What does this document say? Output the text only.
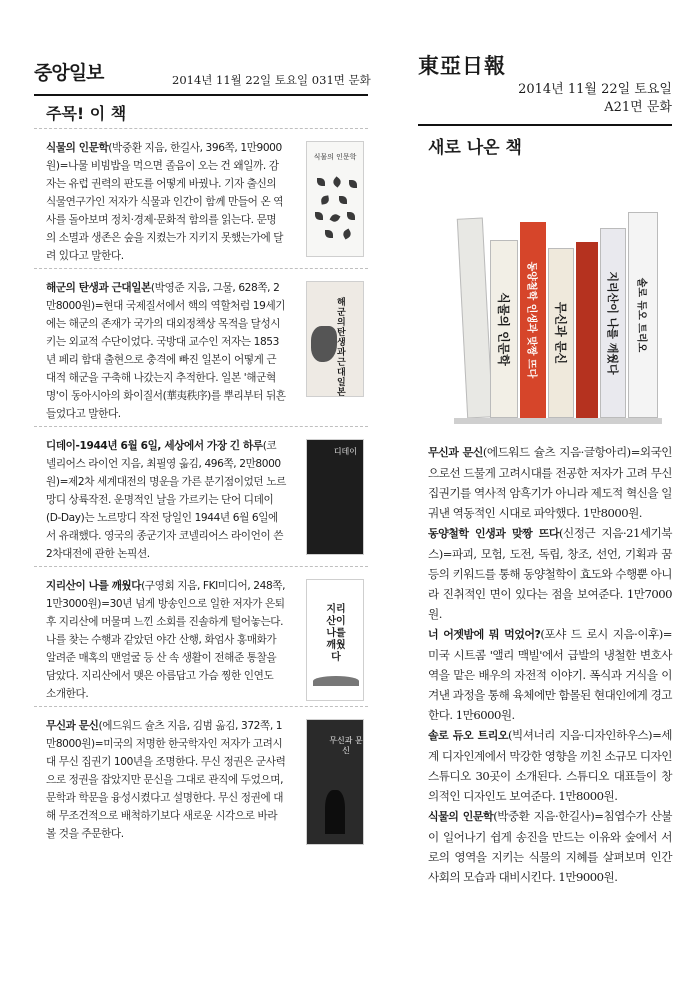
중앙일보	2014년 11월 22일 토요일 031면 문화
주목! 이 책
식물의 인문학(박중환 지음, 한길사, 396쪽, 1만9000원)=나물 비빔밥을 먹으면 졸음이 오는 건 왜일까. 감자는 유럽 권력의 판도를 어떻게 바꿨나. 기자 출신의 식물연구가인 저자가 식물과 인간이 함께 만들어 온 역사를 돌아보며 정치·경제·문화적 함의를 읽는다. 문명의 소멸과 생존은 숲을 지켰는가 지키지 못했는가에 달려 있다고 말한다.
식물의 인문학
해군의 탄생과 근대일본(박영준 지음, 그물, 628쪽, 2만8000원)=현대 국제질서에서 핵의 역할처럼 19세기에는 해군의 존재가 국가의 대외정책상 목적을 달성시키는 외교적 수단이었다. 국방대 교수인 저자는 1853년 페리 함대 출현으로 충격에 빠진 일본이 어떻게 근대적 해군을 구축해 나갔는지 추적한다. 일본 '해군혁명'이 동아시아의 화이질서(華夷秩序)를 뿌리부터 뒤흔들었다고 말한다.
해군의 탄생과 근대일본
디데이-1944년 6월 6일, 세상에서 가장 긴 하루(코넬리어스 라이언 지음, 최필영 옮김, 496쪽, 2만8000원)=제2차 세계대전의 명운을 가른 분기점이었던 노르망디 상륙작전. 운명적인 날을 가르키는 단어 디데이(D-Day)는 노르망디 작전 당일인 1944년 6월 6일에서 유래했다. 영국의 종군기자 코넬리어스 라이언이 쓴 2차대전에 관한 논픽션.
디데이
지리산이 나를 깨웠다(구영회 지음, FKI미디어, 248쪽, 1만3000원)=30년 넘게 방송인으로 일한 저자가 은퇴 후 지리산에 머물며 느낀 소회를 진솔하게 털어놓는다. 나를 찾는 수행과 같았던 야간 산행, 화엄사 홍매화가 알려준 매혹의 맨얼굴 등 산 속 생활이 전해준 통찰을 담았다. 지리산에서 맺은 아름답고 가슴 찡한 인연도 소개한다.
지리산이 나를 깨웠다
무신과 문신(에드워드 슐츠 지음, 김범 옮김, 372쪽, 1만8000원)=미국의 저명한 한국학자인 저자가 고려시대 무신 집권기 100년을 조명한다. 무신 정권은 군사력으로 정권을 잡았지만 문신을 그대로 관직에 두었으며, 문학과 학문을 융성시켰다고 설명한다. 무신 정권에 대해 무조건적으로 배척하기보다 새로운 시각으로 바라볼 것을 주문한다.
무신과 문신
東亞日報
2014년 11월 22일 토요일
A21면 문화
새로 나온 책
식물의 인문학 동양철학 인생과 맞짱 뜨다	무신과 문신	지리산이 나를 깨웠다 솔로 듀오 트리오

무신과 문신(에드워드 슐츠 지음·글항아리)=외국인으로선 드물게 고려시대를 전공한 저자가 고려 무신 집권기를 역사적 암흑기가 아니라 제도적 혁신을 일궈낸 역동적인 시대로 파악했다. 1만8000원.

동양철학 인생과 맞짱 뜨다(신정근 지음·21세기북스)=파괴, 모험, 도전, 독립, 창조, 선언, 기획과 꿈 등의 키워드를 통해 동양철학이 효도와 수행뿐 아니라 진취적인 면이 있다는 점을 보여준다. 1만7000원.

너 어젯밤에 뭐 먹었어?(포샤 드 로시 지음·이후)=미국 시트콤 '앨리 맥빌'에서 급발의 냉철한 변호사 역을 맡은 배우의 자전적 이야기. 폭식과 거식을 이겨낸 과정을 통해 육체에만 함몰된 현대인에게 경고한다. 1만6000원.

솔로 듀오 트리오(빅셔너리 지음·디자인하우스)=세계 디자인계에서 막강한 영향을 끼친 소규모 디자인 스튜디오 30곳이 소개된다. 스튜디오 대표들이 창의적인 디자인도 보여준다. 1만8000원.

식물의 인문학(박중환 지음·한길사)=침엽수가 산불이 일어나기 쉽게 송진을 만드는 이유와 숲에서 서로의 영역을 지키는 식물의 지혜를 살펴보며 인간 사회의 모습과 대비시킨다. 1만9000원.
